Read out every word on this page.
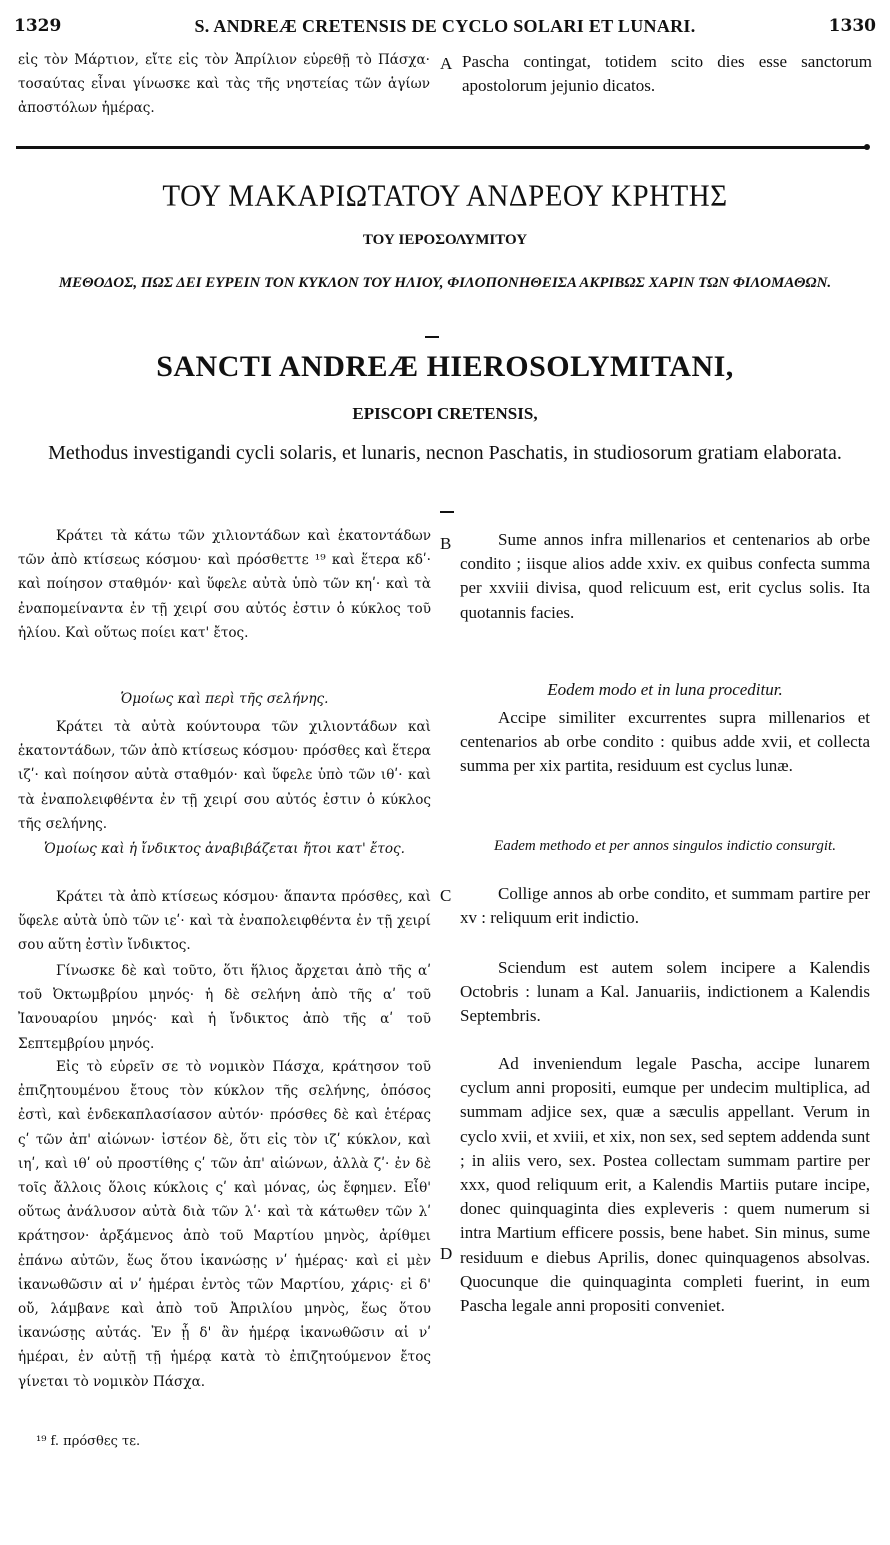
1329	S. ANDREÆ CRETENSIS DE CYCLO SOLARI ET LUNARI.	1330

εἰς τὸν Μάρτιον, εἴτε εἰς τὸν Ἀπρίλιον εὑρεθῇ τὸ Πάσχα· τοσαύτας εἶναι γίνωσκε καὶ τὰς τῆς νηστείας τῶν ἁγίων ἀποστόλων ἡμέρας.

A Pascha contingat, totidem scito dies esse sanctorum apostolorum jejunio dicatos.

ΤΟΥ ΜΑΚΑΡΙΩΤΑΤΟΥ ΑΝΔΡΕΟΥ ΚΡΗΤΗΣ
ΤΟΥ ΙΕΡΟΣΟΛΥΜΙΤΟΥ
ΜΕΘΟΔΟΣ, ΠΩΣ ΔΕΙ ΕΥΡΕΙΝ ΤΟΝ ΚΥΚΛΟΝ ΤΟΥ ΗΛΙΟΥ, ΦΙΛΟΠΟΝΗΘΕΙΣΑ ΑΚΡΙΒΩΣ ΧΑΡΙΝ ΤΩΝ ΦΙΛΟΜΑΘΩΝ.
SANCTI ANDREÆ HIEROSOLYMITANI,
EPISCOPI CRETENSIS,
Methodus investigandi cycli solaris, et lunaris, necnon Paschatis, in studiosorum gratiam elaborata.

Κράτει τὰ κάτω τῶν χιλιοντάδων καὶ ἑκατοντάδων τῶν ἀπὸ κτίσεως κόσμου· καὶ πρόσθεττε ¹⁹ καὶ ἕτερα κδʹ· καὶ ποίησον σταθμόν· καὶ ὕφελε αὐτὰ ὑπὸ τῶν κηʹ· καὶ τὰ ἐναπομείναντα ἐν τῇ χειρί σου αὐτός ἐστιν ὁ κύκλος τοῦ ἡλίου. Καὶ οὕτως ποίει κατ' ἔτος.

Ὁμοίως καὶ περὶ τῆς σελήνης.

Κράτει τὰ αὐτὰ κούντουρα τῶν χιλιοντάδων καὶ ἑκατοντάδων, τῶν ἀπὸ κτίσεως κόσμου· πρόσθες καὶ ἕτερα ιζʹ· καὶ ποίησον αὐτὰ σταθμόν· καὶ ὕφελε ὑπὸ τῶν ιθʹ· καὶ τὰ ἐναπολειφθέντα ἐν τῇ χειρί σου αὐτός ἐστιν ὁ κύκλος τῆς σελήνης.

Ὁμοίως καὶ ἡ ἴνδικτος ἀναβιβάζεται ἤτοι κατ' ἔτος.

Κράτει τὰ ἀπὸ κτίσεως κόσμου· ἅπαντα πρόσθες, καὶ ὕφελε αὐτὰ ὑπὸ τῶν ιεʹ· καὶ τὰ ἐναπολειφθέντα ἐν τῇ χειρί σου αὕτη ἐστὶν ἴνδικτος.

Γίνωσκε δὲ καὶ τοῦτο, ὅτι ἥλιος ἄρχεται ἀπὸ τῆς αʹ τοῦ Ὀκτωμβρίου μηνός· ἡ δὲ σελήνη ἀπὸ τῆς αʹ τοῦ Ἰανουαρίου μηνός· καὶ ἡ ἴνδικτος ἀπὸ τῆς αʹ τοῦ Σεπτεμβρίου μηνός.

Εἰς τὸ εὑρεῖν σε τὸ νομικὸν Πάσχα, κράτησον τοῦ ἐπιζητουμένου ἔτους τὸν κύκλον τῆς σελήνης, ὁπόσος ἐστὶ, καὶ ἑνδεκαπλασίασον αὐτόν· πρόσθες δὲ καὶ ἑτέρας ςʹ τῶν ἀπ' αἰώνων· ἰστέον δὲ, ὅτι εἰς τὸν ιζʹ κύκλον, καὶ ιηʹ, καὶ ιθʹ οὐ προστίθης ςʹ τῶν ἀπ' αἰώνων, ἀλλὰ ζʹ· ἐν δὲ τοῖς ἄλλοις ὅλοις κύκλοις ςʹ καὶ μόνας, ὡς ἔφημεν. Εἶθ' οὕτως ἀνάλυσον αὐτὰ διὰ τῶν λʹ· καὶ τὰ κάτωθεν τῶν λʹ κράτησον· ἀρξάμενος ἀπὸ τοῦ Μαρτίου μηνὸς, ἀρίθμει ἐπάνω αὐτῶν, ἕως ὅτου ἱκανώσῃς νʹ ἡμέρας· καὶ εἰ μὲν ἱκανωθῶσιν αἱ νʹ ἡμέραι ἐντὸς τῶν Μαρτίου, χάρις· εἰ δ' οὔ, λάμβανε καὶ ἀπὸ τοῦ Ἀπριλίου μηνὸς, ἕως ὅτου ἱκανώσῃς αὐτάς. Ἐν ᾗ δ' ἂν ἡμέρᾳ ἱκανωθῶσιν αἱ νʹ ἡμέραι, ἐν αὐτῇ τῇ ἡμέρᾳ κατὰ τὸ ἐπιζητούμενον ἔτος γίνεται τὸ νομικὸν Πάσχα.

B
C
D

Sume annos infra millenarios et centenarios ab orbe condito ; iisque alios adde xxiv. ex quibus confecta summa per xxviii divisa, quod relicuum est, erit cyclus solis. Ita quotannis facies.

Eodem modo et in luna proceditur.

Accipe similiter excurrentes supra millenarios et centenarios ab orbe condito : quibus adde xvii, et collecta summa per xix partita, residuum est cyclus lunæ.

Eadem methodo et per annos singulos indictio consurgit.

Collige annos ab orbe condito, et summam partire per xv : reliquum erit indictio.

Sciendum est autem solem incipere a Kalendis Octobris : lunam a Kal. Januariis, indictionem a Kalendis Septembris.

Ad inveniendum legale Pascha, accipe lunarem cyclum anni propositi, eumque per undecim multiplica, ad summam adjice sex, quæ a sæculis appellant. Verum in cyclo xvii, et xviii, et xix, non sex, sed septem addenda sunt ; in aliis vero, sex. Postea collectam summam partire per xxx, quod reliquum erit, a Kalendis Martiis putare incipe, donec quinquaginta dies expleveris : quem numerum si intra Martium efficere possis, bene habet. Sin minus, sume residuum e diebus Aprilis, donec quinquagenos absolvas. Quocunque die quinquaginta completi fuerint, in eum Pascha legale anni propositi conveniet.

¹⁹ f. πρόσθες τε.
